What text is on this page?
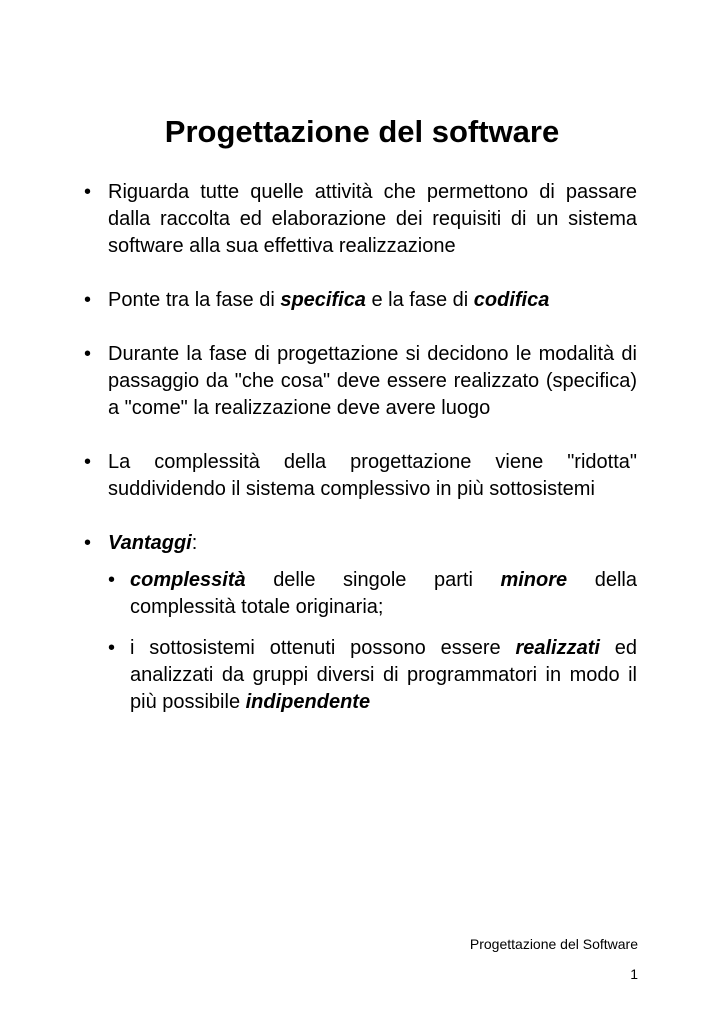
Progettazione del software
• Riguarda tutte quelle attività che permettono di passare dalla raccolta ed elaborazione dei requisiti di un sistema software alla sua effettiva realizzazione
• Ponte tra la fase di specifica e la fase di codifica
• Durante la fase di progettazione si decidono le modalità di passaggio da "che cosa" deve essere realizzato (specifica) a "come" la realizzazione deve avere luogo
• La complessità della progettazione viene "ridotta" suddividendo il sistema complessivo in più sottosistemi
• Vantaggi:
• complessità delle singole parti minore della complessità totale originaria;
• i sottosistemi ottenuti possono essere realizzati ed analizzati da gruppi diversi di programmatori in modo il più possibile indipendente
Progettazione del Software
1
